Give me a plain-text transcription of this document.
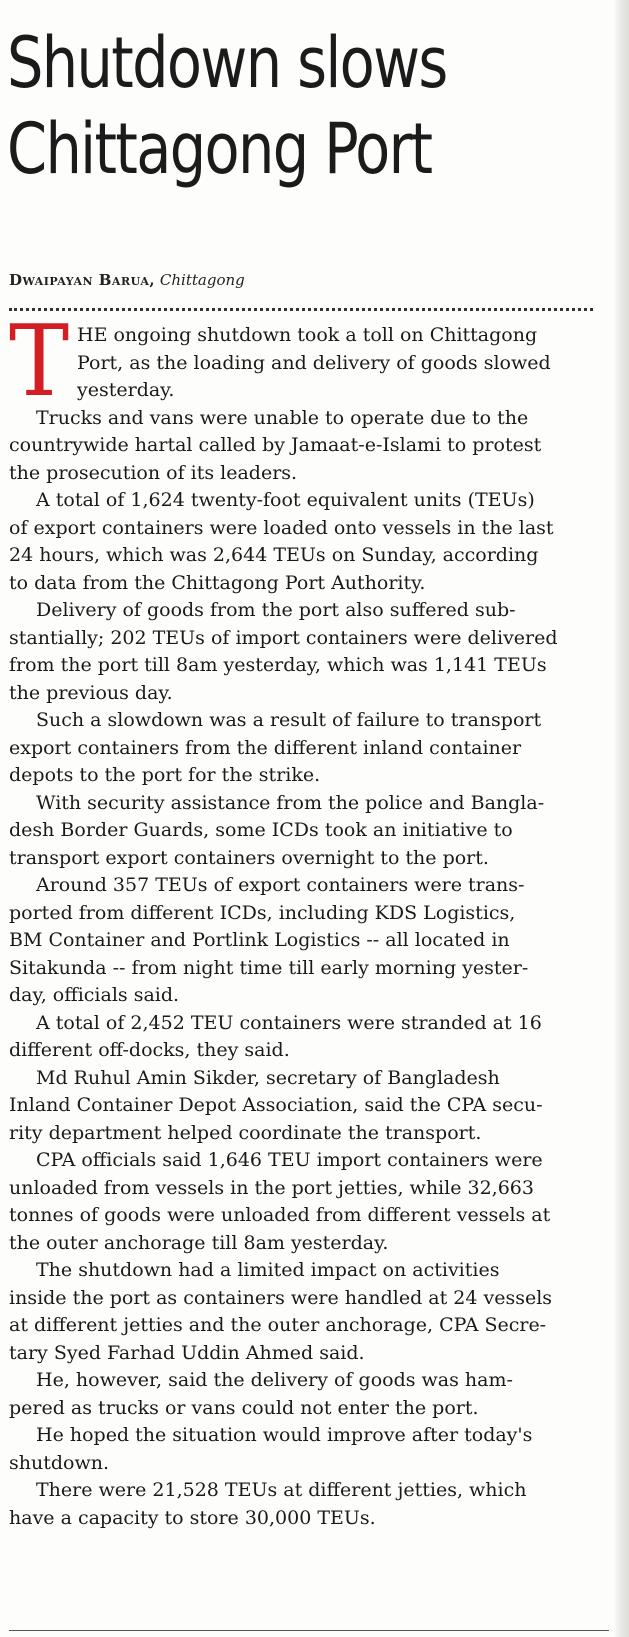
Shutdown slows
Chittagong Port
Dwaipayan Barua, Chittagong
T HE ongoing shutdown took a toll on Chittagong
Port, as the loading and delivery of goods slowed
yesterday.
Trucks and vans were unable to operate due to the
countrywide hartal called by Jamaat-e-Islami to protest
the prosecution of its leaders.
A total of 1,624 twenty-foot equivalent units (TEUs)
of export containers were loaded onto vessels in the last
24 hours, which was 2,644 TEUs on Sunday, according
to data from the Chittagong Port Authority.
Delivery of goods from the port also suffered sub-
stantially; 202 TEUs of import containers were delivered
from the port till 8am yesterday, which was 1,141 TEUs
the previous day.
Such a slowdown was a result of failure to transport
export containers from the different inland container
depots to the port for the strike.
With security assistance from the police and Bangla-
desh Border Guards, some ICDs took an initiative to
transport export containers overnight to the port.
Around 357 TEUs of export containers were trans-
ported from different ICDs, including KDS Logistics,
BM Container and Portlink Logistics -- all located in
Sitakunda -- from night time till early morning yester-
day, officials said.
A total of 2,452 TEU containers were stranded at 16
different off-docks, they said.
Md Ruhul Amin Sikder, secretary of Bangladesh
Inland Container Depot Association, said the CPA secu-
rity department helped coordinate the transport.
CPA officials said 1,646 TEU import containers were
unloaded from vessels in the port jetties, while 32,663
tonnes of goods were unloaded from different vessels at
the outer anchorage till 8am yesterday.
The shutdown had a limited impact on activities
inside the port as containers were handled at 24 vessels
at different jetties and the outer anchorage, CPA Secre-
tary Syed Farhad Uddin Ahmed said.
He, however, said the delivery of goods was ham-
pered as trucks or vans could not enter the port.
He hoped the situation would improve after today's
shutdown.
There were 21,528 TEUs at different jetties, which
have a capacity to store 30,000 TEUs.
